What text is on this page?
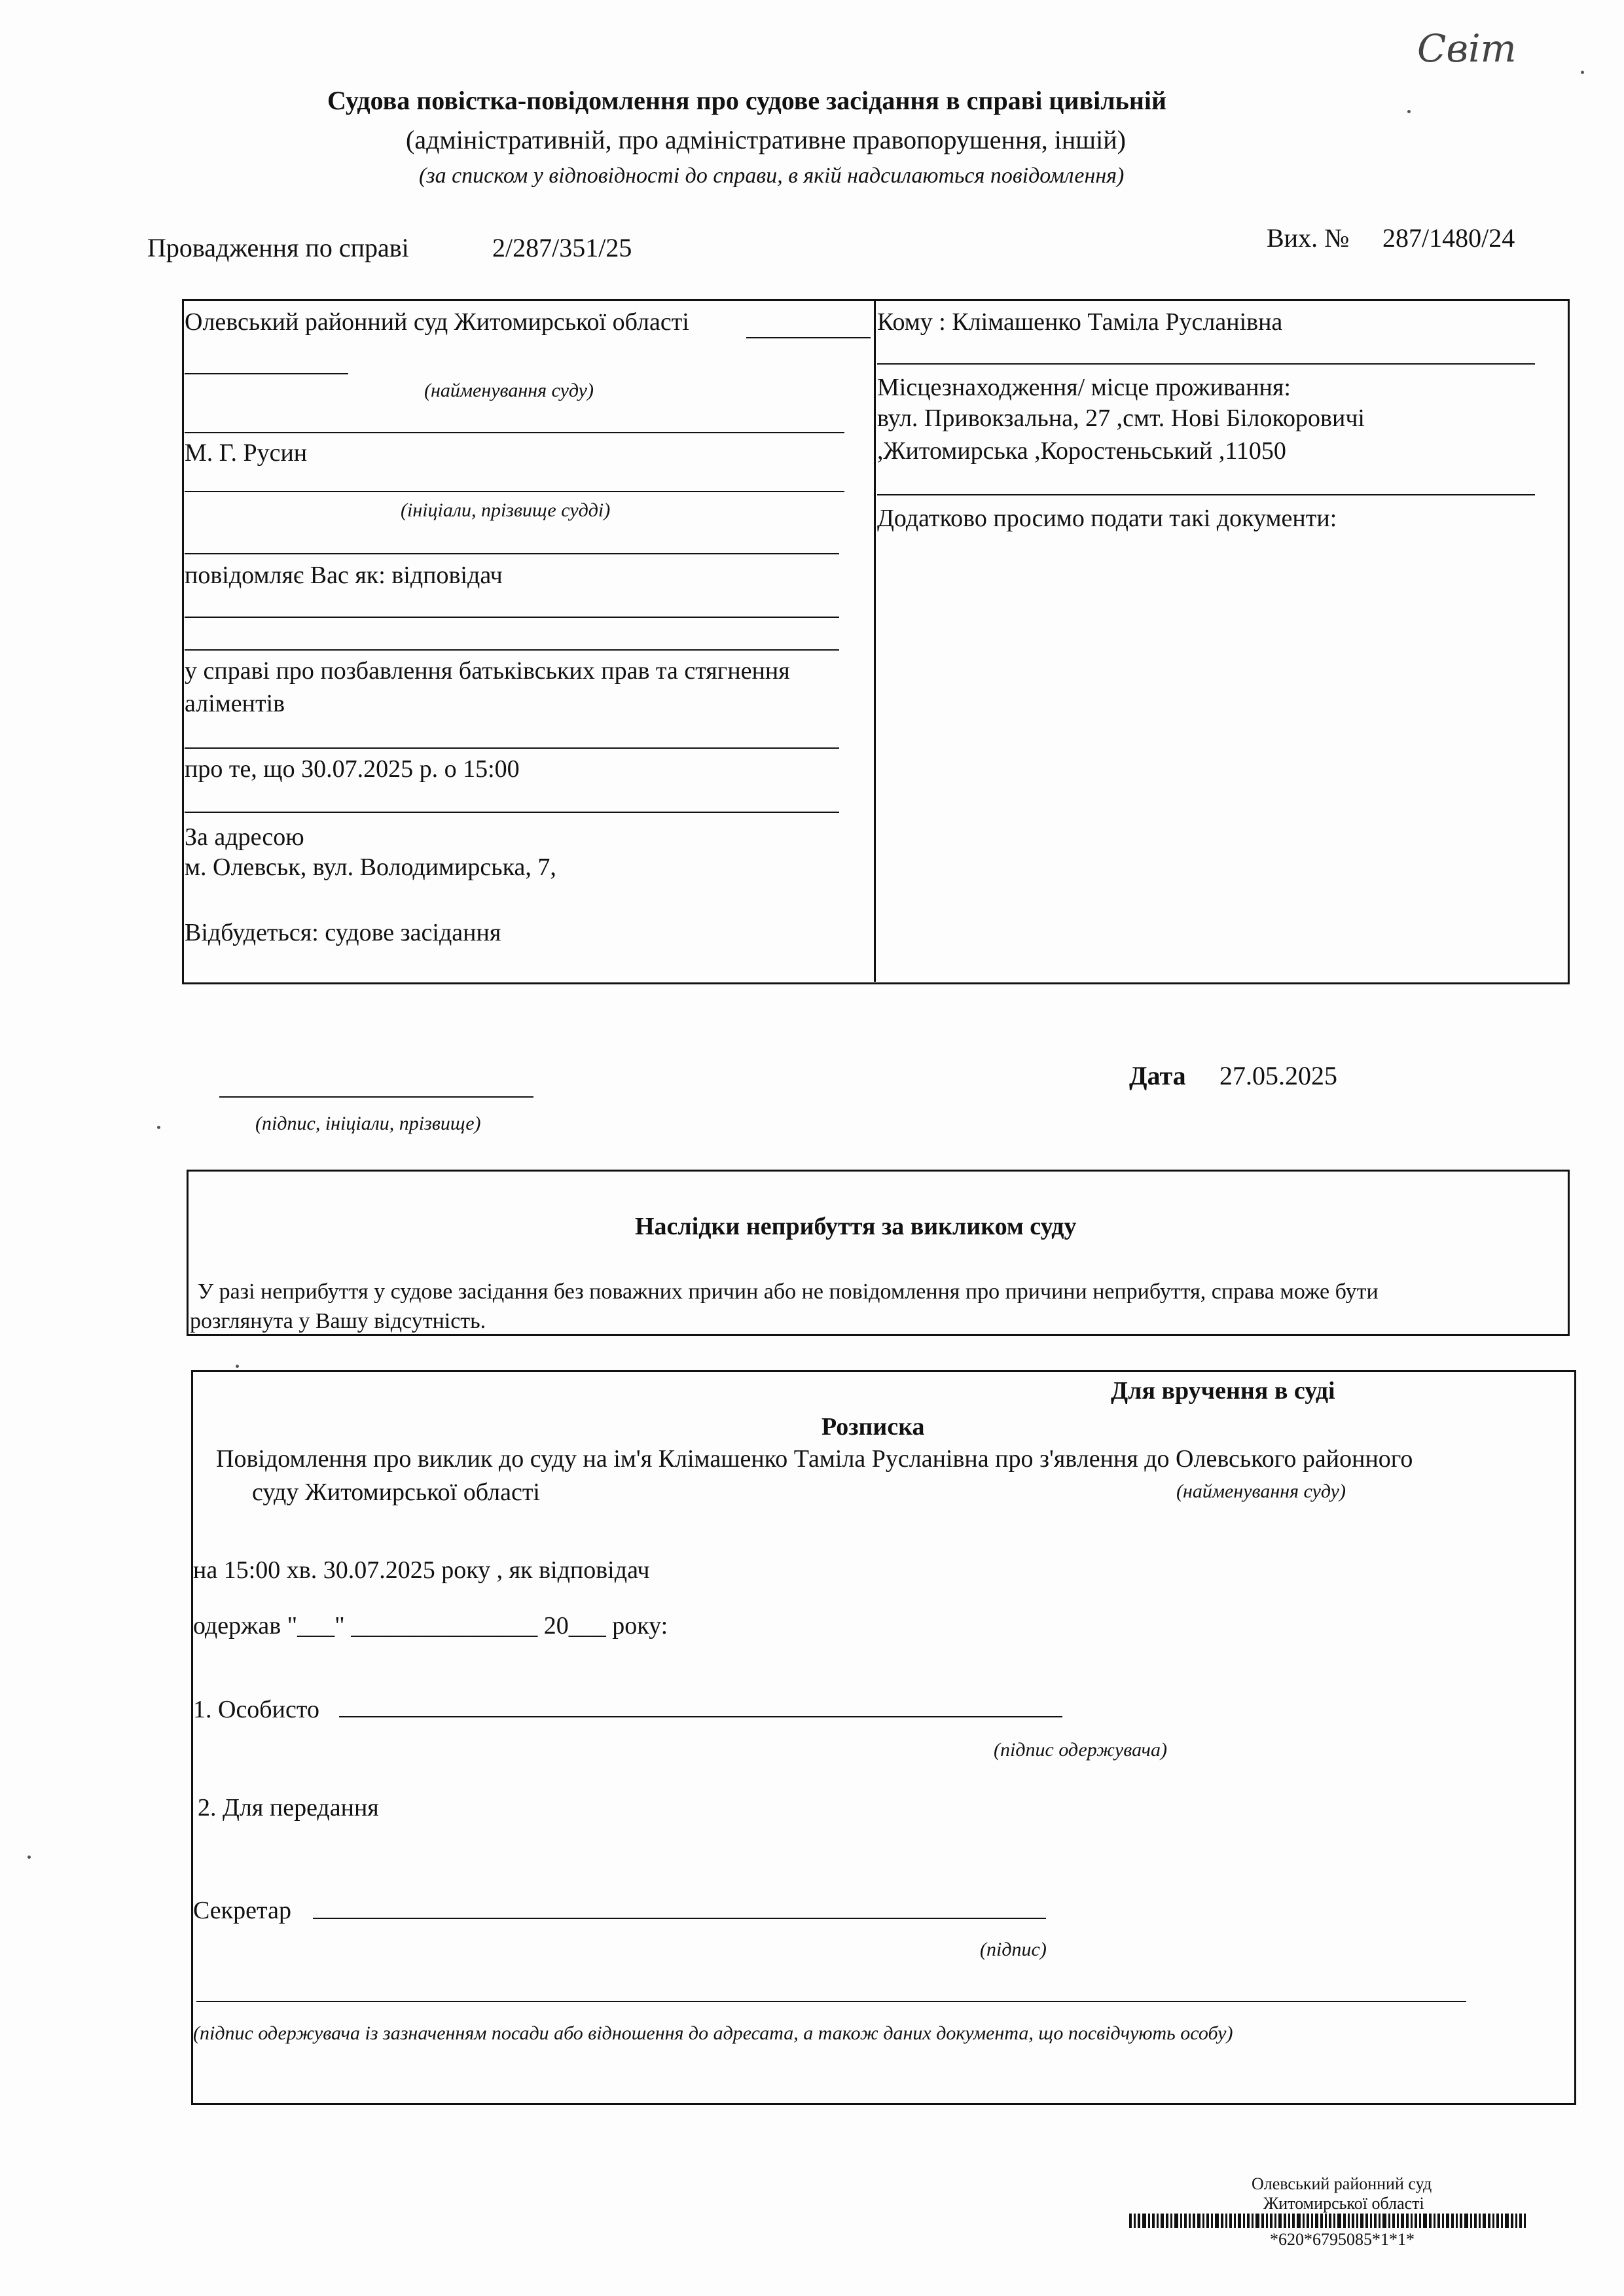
Світ
Судова повістка-повідомлення про судове засідання в справі цивільній
(адміністративній, про адміністративне правопорушення, іншій)
(за списком у відповідності до справи, в якій надсилаються повідомлення)
Провадження по справі	2/287/351/25	Вих. № 287/1480/24
Олевський районний суд Житомирської області
(найменування суду)
М. Г. Русин
(ініціали, прізвище судді)
повідомляє Вас як: відповідач
у справі про позбавлення батьківських прав та стягнення
аліментів
про те, що 30.07.2025 р. о 15:00
За адресою
м. Олевськ, вул. Володимирська, 7,
Відбудеться: судове засідання
Кому : Клімашенко Таміла Русланівна
Місцезнаходження/ місце проживання:
вул. Привокзальна, 27 ,смт. Нові Білокоровичі
,Житомирська ,Коростеньський ,11050
Додатково просимо подати такі документи:
(підпис, ініціали, прізвище)
Дата 27.05.2025
Наслідки неприбуття за викликом суду
У разі неприбуття у судове засідання без поважних причин або не повідомлення про причини неприбуття, справа може бути
розглянута у Вашу відсутність.
Для вручення в суді
Розписка
Повідомлення про виклик до суду на ім'я Клімашенко Таміла Русланівна про з'явлення до Олевського районного
суду Житомирської області	(найменування суду)
на 15:00 хв. 30.07.2025 року , як відповідач
одержав "___" _______________ 20___ року:
1. Особисто
(підпис одержувача)
2. Для передання
Секретар
(підпис)
(підпис одержувача із зазначенням посади або відношення до адресата, а також даних документа, що посвідчують особу)
Олевський районний суд
Житомирської області
*620*6795085*1*1*
